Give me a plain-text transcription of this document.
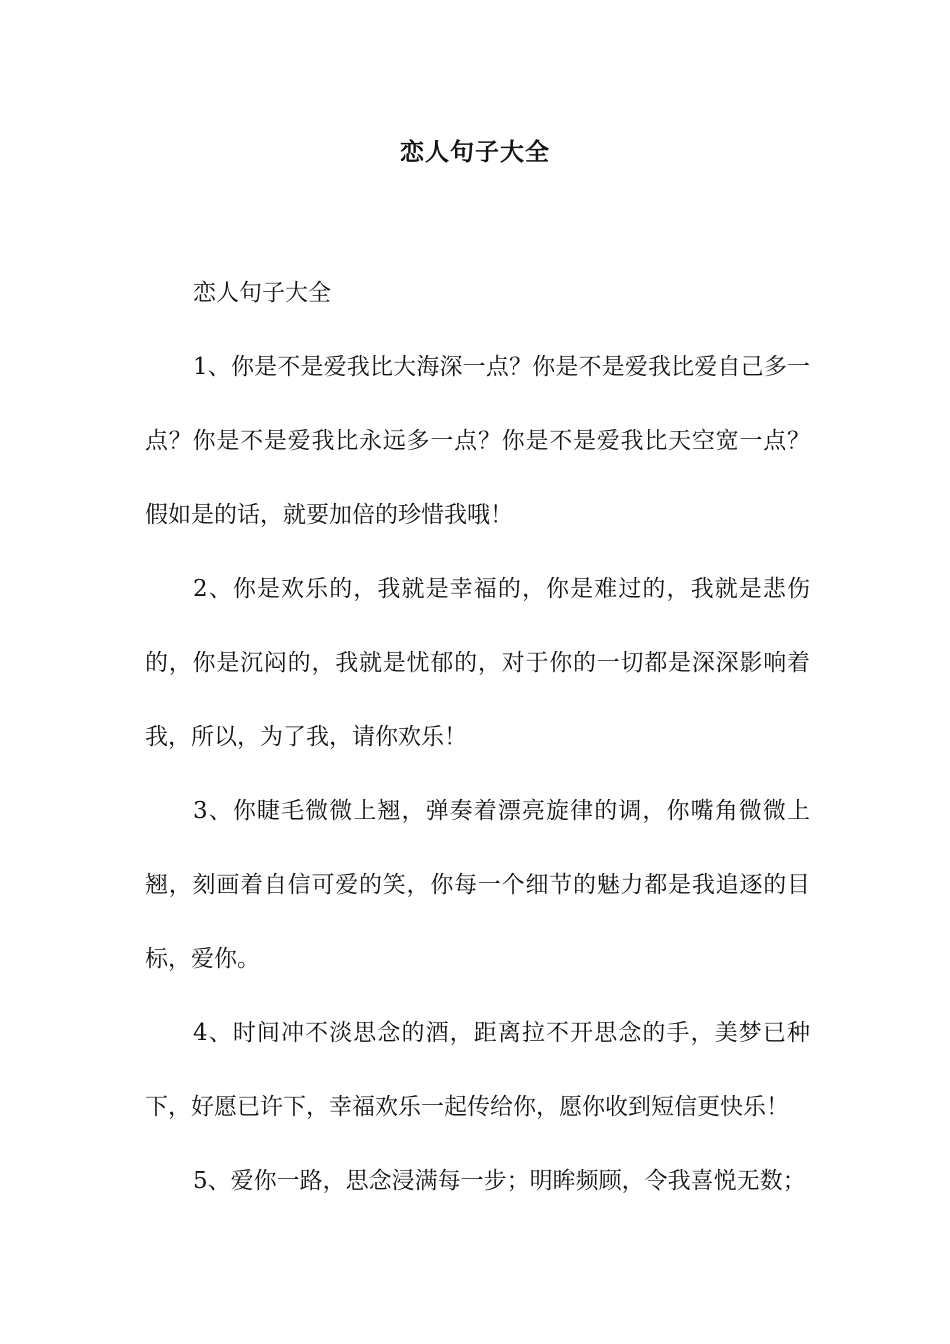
恋人句子大全

恋人句子大全

1、你是不是爱我比大海深一点？你是不是爱我比爱自己多一点？你是不是爱我比永远多一点？你是不是爱我比天空宽一点？假如是的话，就要加倍的珍惜我哦！

2、你是欢乐的，我就是幸福的，你是难过的，我就是悲伤的，你是沉闷的，我就是忧郁的，对于你的一切都是深深影响着我，所以，为了我，请你欢乐！

3、你睫毛微微上翘，弹奏着漂亮旋律的调，你嘴角微微上翘，刻画着自信可爱的笑，你每一个细节的魅力都是我追逐的目标，爱你。

4、时间冲不淡思念的酒，距离拉不开思念的手，美梦已种下，好愿已许下，幸福欢乐一起传给你，愿你收到短信更快乐！

5、爱你一路，思念浸满每一步；明眸频顾，令我喜悦无数；
